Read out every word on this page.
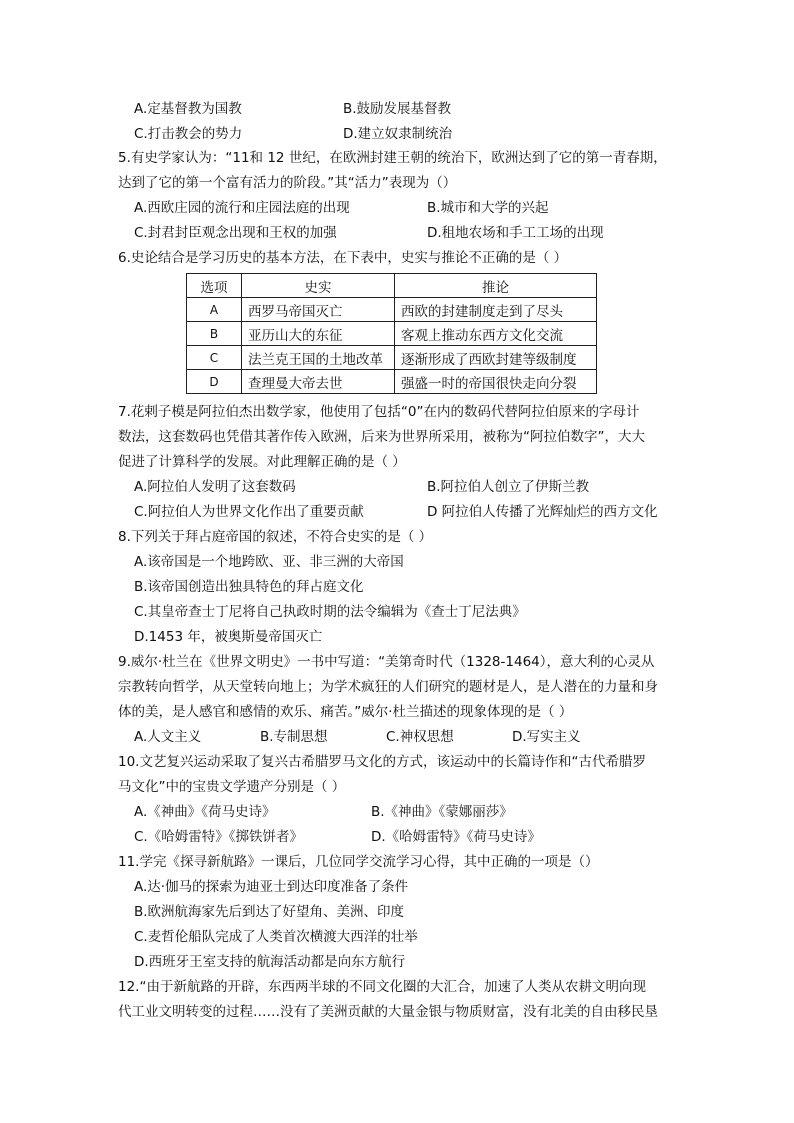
A.定基督教为国教	B.鼓励发展基督教
C.打击教会的势力	D.建立奴隶制统治
5.有史学家认为：“11和 12 世纪，在欧洲封建王朝的统治下，欧洲达到了它的第一青春期，
达到了它的第一个富有活力的阶段。”其“活力”表现为（）
A.西欧庄园的流行和庄园法庭的出现	B.城市和大学的兴起
C.封君封臣观念出现和王权的加强	D.租地农场和手工工场的出现
6.史论结合是学习历史的基本方法，在下表中，史实与推论不正确的是（ ）
选项	史实	推论
A	西罗马帝国灭亡	西欧的封建制度走到了尽头
B	亚历山大的东征	客观上推动东西方文化交流
C	法兰克王国的土地改革	逐渐形成了西欧封建等级制度
D	查理曼大帝去世	强盛一时的帝国很快走向分裂
7.花剌子模是阿拉伯杰出数学家，他使用了包括“0”在内的数码代替阿拉伯原来的字母计
数法，这套数码也凭借其著作传入欧洲，后来为世界所采用，被称为“阿拉伯数字”，大大
促进了计算科学的发展。对此理解正确的是（ ）
A.阿拉伯人发明了这套数码	B.阿拉伯人创立了伊斯兰教
C.阿拉伯人为世界文化作出了重要贡献	D 阿拉伯人传播了光辉灿烂的西方文化
8.下列关于拜占庭帝国的叙述，不符合史实的是（ ）
A.该帝国是一个地跨欧、亚、非三洲的大帝国
B.该帝国创造出独具特色的拜占庭文化
C.其皇帝查士丁尼将自己执政时期的法令编辑为《查士丁尼法典》
D.1453 年，被奥斯曼帝国灭亡
9.威尔·杜兰在《世界文明史》一书中写道：“美第奇时代（1328-1464），意大利的心灵从
宗教转向哲学，从天堂转向地上；为学术疯狂的人们研究的题材是人，是人潜在的力量和身
体的美，是人感官和感情的欢乐、痛苦。”威尔·杜兰描述的现象体现的是（ ）
A.人文主义	B.专制思想	C.神权思想	D.写实主义
10.文艺复兴运动采取了复兴古希腊罗马文化的方式，该运动中的长篇诗作和“古代希腊罗
马文化”中的宝贵文学遗产分别是（ ）
A.《神曲》《荷马史诗》	B.《神曲》《蒙娜丽莎》
C.《哈姆雷特》《掷铁饼者》	D.《哈姆雷特》《荷马史诗》
11.学完《探寻新航路》一课后，几位同学交流学习心得，其中正确的一项是（）
A.达·伽马的探索为迪亚士到达印度准备了条件
B.欧洲航海家先后到达了好望角、美洲、印度
C.麦哲伦船队完成了人类首次横渡大西洋的壮举
D.西班牙王室支持的航海活动都是向东方航行
12.“由于新航路的开辟，东西两半球的不同文化圈的大汇合，加速了人类从农耕文明向现
代工业文明转变的过程……没有了美洲贡献的大量金银与物质财富，没有北美的自由移民垦
